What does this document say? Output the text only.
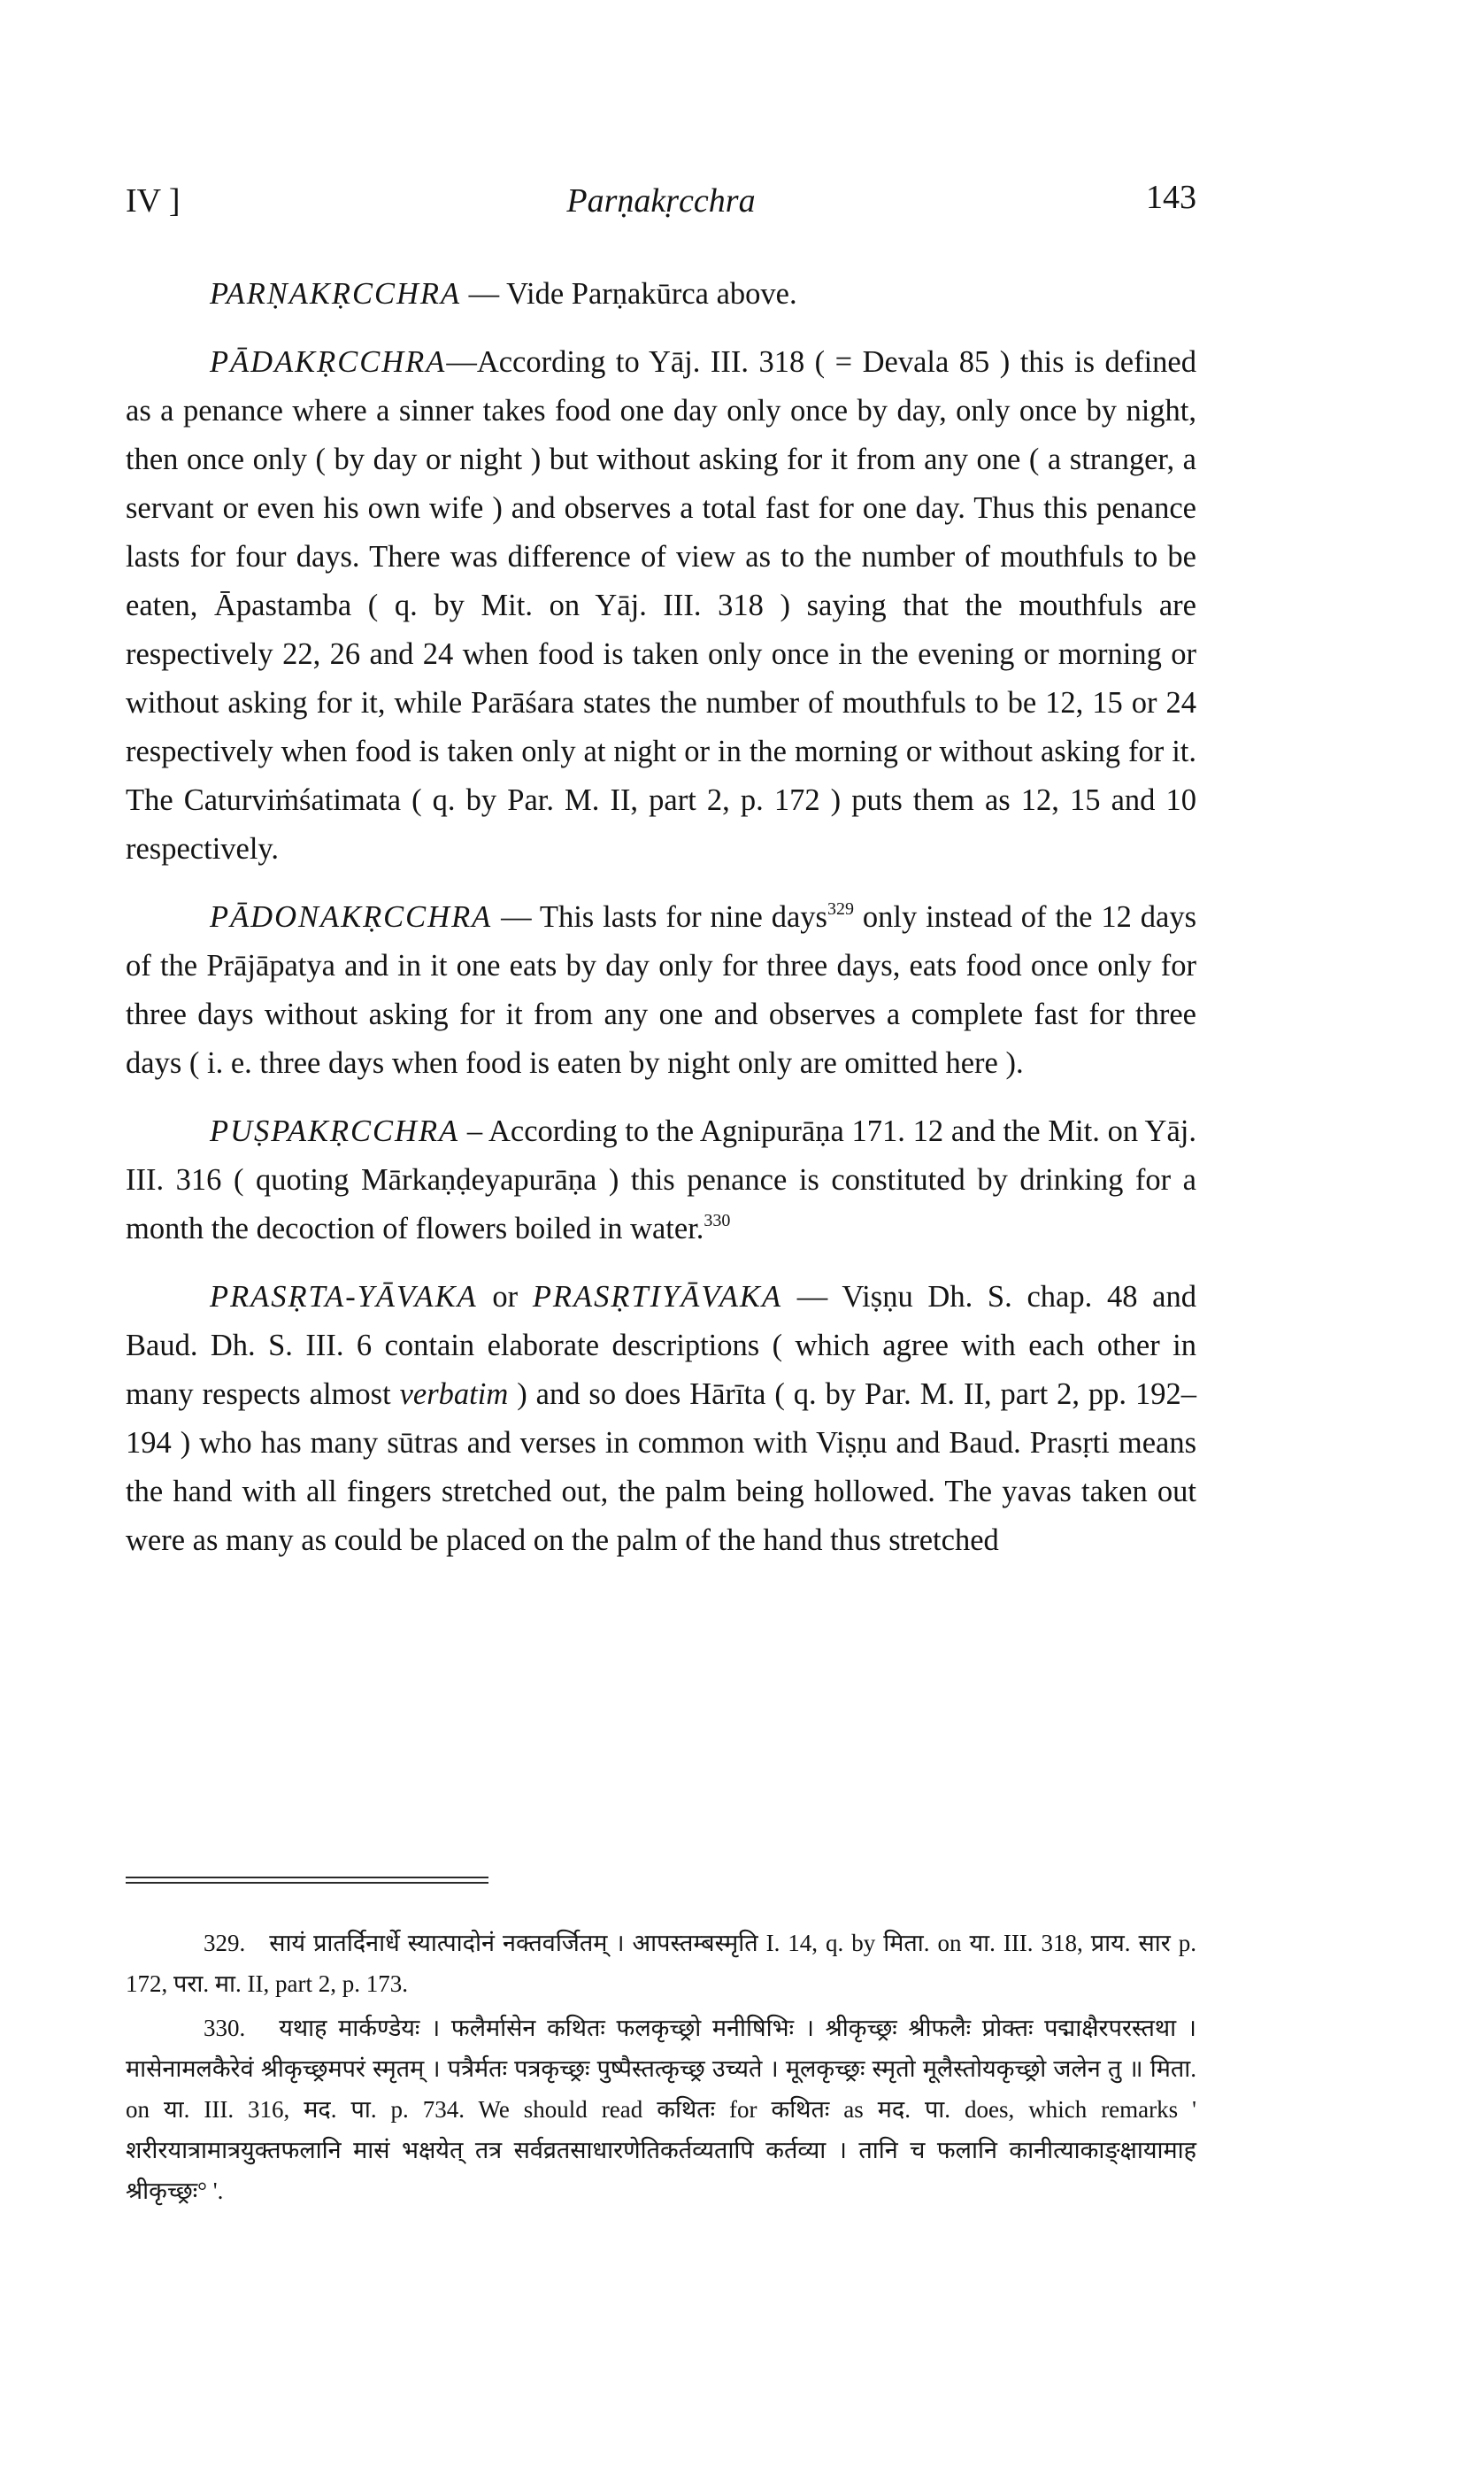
IV ]	Parṇakṛcchra	143

PARṆAKṚCCHRA — Vide Parṇakūrca above.

PĀDAKṚCCHRA—According to Yāj. III. 318 ( = Devala 85 ) this is defined as a penance where a sinner takes food one day only once by day, only once by night, then once only ( by day or night ) but without asking for it from any one ( a stranger, a servant or even his own wife ) and observes a total fast for one day. Thus this penance lasts for four days. There was difference of view as to the number of mouthfuls to be eaten, Āpastamba ( q. by Mit. on Yāj. III. 318 ) saying that the mouthfuls are respectively 22, 26 and 24 when food is taken only once in the evening or morning or without asking for it, while Parāśara states the number of mouthfuls to be 12, 15 or 24 respectively when food is taken only at night or in the morning or without asking for it. The Caturviṁśatimata ( q. by Par. M. II, part 2, p. 172 ) puts them as 12, 15 and 10 respectively.

PĀDONAKṚCCHRA — This lasts for nine days$^{329}$ only instead of the 12 days of the Prājāpatya and in it one eats by day only for three days, eats food once only for three days without asking for it from any one and observes a complete fast for three days ( i. e. three days when food is eaten by night only are omitted here ).

PUṢPAKṚCCHRA – According to the Agnipurāṇa 171. 12 and the Mit. on Yāj. III. 316 ( quoting Mārkaṇḍeyapurāṇa ) this penance is constituted by drinking for a month the decoction of flowers boiled in water.$^{330}$

PRASṚTA-YĀVAKA or PRASṚTIYĀVAKA — Viṣṇu Dh. S. chap. 48 and Baud. Dh. S. III. 6 contain elaborate descriptions ( which agree with each other in many respects almost verbatim ) and so does Hārīta ( q. by Par. M. II, part 2, pp. 192–194 ) who has many sūtras and verses in common with Viṣṇu and Baud. Prasṛti means the hand with all fingers stretched out, the palm being hollowed. The yavas taken out were as many as could be placed on the palm of the hand thus stretched

329. सायं प्रातर्दिनार्धे स्यात्पादोनं नक्तवर्जितम् । आपस्तम्बस्मृति I. 14, q. by मिता. on या. III. 318, प्राय. सार p. 172, परा. मा. II, part 2, p. 173.

330. यथाह मार्कण्डेयः । फलैर्मासेन कथितः फलकृच्छ्रो मनीषिभिः । श्रीकृच्छ्रः श्रीफलैः प्रोक्तः पद्माक्षैरपरस्तथा । मासेनामलकैरेवं श्रीकृच्छ्रमपरं स्मृतम् । पत्रैर्मतः पत्रकृच्छ्रः पुष्पैस्तत्कृच्छ्र उच्यते । मूलकृच्छ्रः स्मृतो मूलैस्तोयकृच्छ्रो जलेन तु ॥ मिता. on या. III. 316, मद. पा. p. 734. We should read कथितः for कथितः as मद. पा. does, which remarks ' शरीरयात्रामात्रयुक्तफलानि मासं भक्षयेत् तत्र सर्वव्रतसाधारणेतिकर्तव्यतापि कर्तव्या । तानि च फलानि कानीत्याकाङ्क्षायामाह श्रीकृच्छ्रः° '.
